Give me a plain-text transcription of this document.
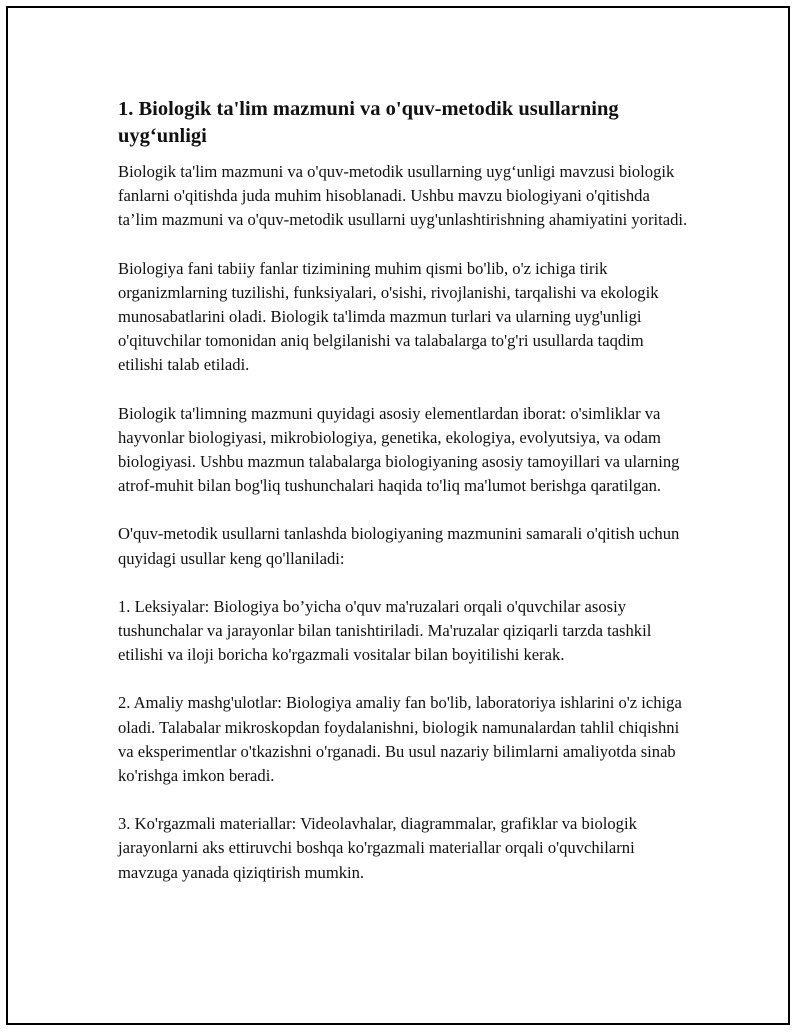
1. Biologik ta'lim mazmuni va o'quv-metodik usullarning uyg‘unligi

Biologik ta'lim mazmuni va o'quv-metodik usullarning uyg‘unligi mavzusi biologik fanlarni o'qitishda juda muhim hisoblanadi. Ushbu mavzu biologiyani o'qitishda ta’lim mazmuni va o'quv-metodik usullarni uyg'unlashtirishning ahamiyatini yoritadi.

Biologiya fani tabiiy fanlar tizimining muhim qismi bo'lib, o'z ichiga tirik organizmlarning tuzilishi, funksiyalari, o'sishi, rivojlanishi, tarqalishi va ekologik munosabatlarini oladi. Biologik ta'limda mazmun turlari va ularning uyg'unligi o'qituvchilar tomonidan aniq belgilanishi va talabalarga to'g'ri usullarda taqdim etilishi talab etiladi.

Biologik ta'limning mazmuni quyidagi asosiy elementlardan iborat: o'simliklar va hayvonlar biologiyasi, mikrobiologiya, genetika, ekologiya, evolyutsiya, va odam biologiyasi. Ushbu mazmun talabalarga biologiyaning asosiy tamoyillari va ularning atrof-muhit bilan bog'liq tushunchalari haqida to'liq ma'lumot berishga qaratilgan.

O'quv-metodik usullarni tanlashda biologiyaning mazmunini samarali o'qitish uchun quyidagi usullar keng qo'llaniladi:

1. Leksiyalar: Biologiya bo’yicha o'quv ma'ruzalari orqali o'quvchilar asosiy tushunchalar va jarayonlar bilan tanishtiriladi. Ma'ruzalar qiziqarli tarzda tashkil etilishi va iloji boricha ko'rgazmali vositalar bilan boyitilishi kerak.

2. Amaliy mashg'ulotlar: Biologiya amaliy fan bo'lib, laboratoriya ishlarini o'z ichiga oladi. Talabalar mikroskopdan foydalanishni, biologik namunalardan tahlil chiqishni va eksperimentlar o'tkazishni o'rganadi. Bu usul nazariy bilimlarni amaliyotda sinab ko'rishga imkon beradi.

3. Ko'rgazmali materiallar: Videolavhalar, diagrammalar, grafiklar va biologik jarayonlarni aks ettiruvchi boshqa ko'rgazmali materiallar orqali o'quvchilarni mavzuga yanada qiziqtirish mumkin.
